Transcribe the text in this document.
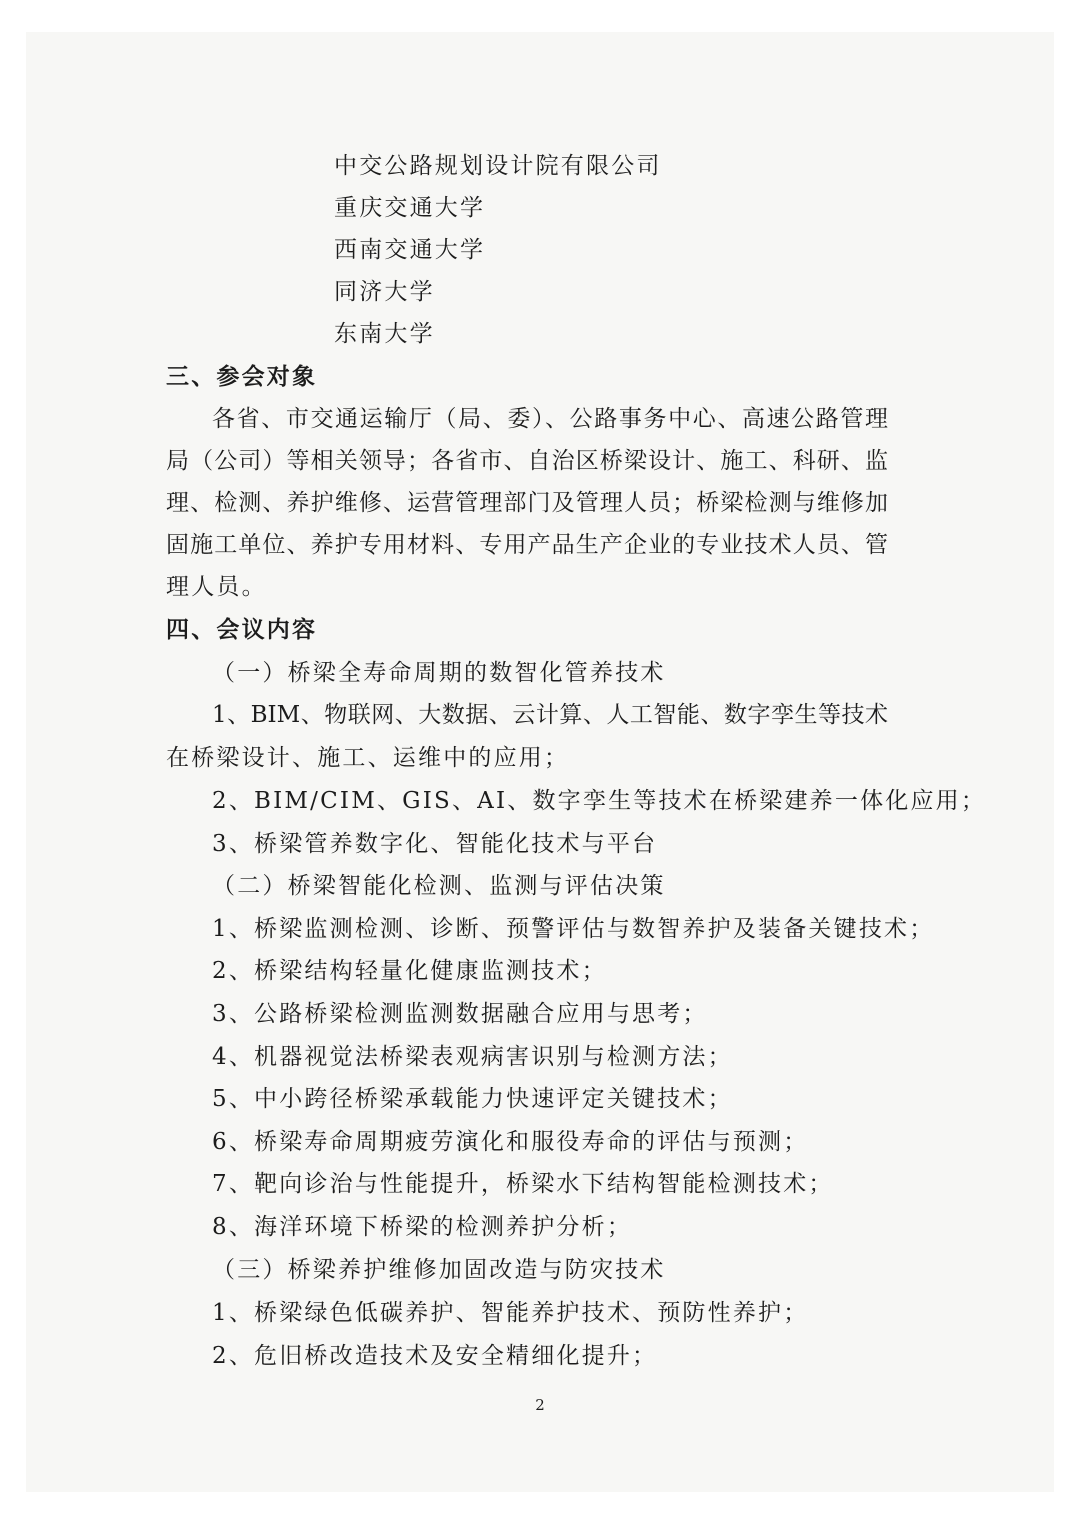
中交公路规划设计院有限公司
重庆交通大学
西南交通大学
同济大学
东南大学
三、参会对象
各省、市交通运输厅（局、委）、公路事务中心、高速公路管理
局（公司）等相关领导；各省市、自治区桥梁设计、施工、科研、监
理、检测、养护维修、运营管理部门及管理人员；桥梁检测与维修加
固施工单位、养护专用材料、专用产品生产企业的专业技术人员、管
理人员。
四、会议内容
（一）桥梁全寿命周期的数智化管养技术
1、BIM、物联网、大数据、云计算、人工智能、数字孪生等技术
在桥梁设计、施工、运维中的应用；
2、BIM/CIM、GIS、AI、数字孪生等技术在桥梁建养一体化应用；
3、桥梁管养数字化、智能化技术与平台
（二）桥梁智能化检测、监测与评估决策
1、桥梁监测检测、诊断、预警评估与数智养护及装备关键技术；
2、桥梁结构轻量化健康监测技术；
3、公路桥梁检测监测数据融合应用与思考；
4、机器视觉法桥梁表观病害识别与检测方法；
5、中小跨径桥梁承载能力快速评定关键技术；
6、桥梁寿命周期疲劳演化和服役寿命的评估与预测；
7、靶向诊治与性能提升，桥梁水下结构智能检测技术；
8、海洋环境下桥梁的检测养护分析；
（三）桥梁养护维修加固改造与防灾技术
1、桥梁绿色低碳养护、智能养护技术、预防性养护；
2、危旧桥改造技术及安全精细化提升；
2
